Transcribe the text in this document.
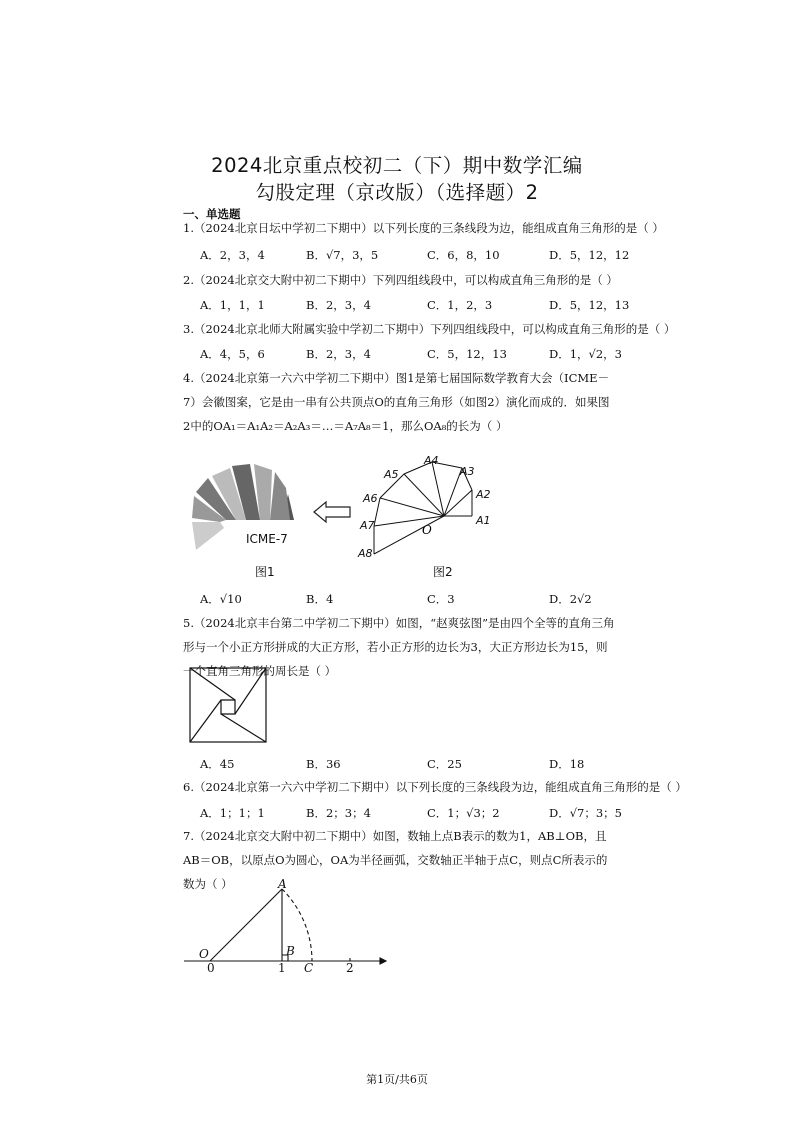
2024北京重点校初二（下）期中数学汇编
勾股定理（京改版）（选择题）2
一、单选题
1.（2024北京日坛中学初二下期中）以下列长度的三条线段为边，能组成直角三角形的是（ ）
A．2，3，4	B．√7，3，5	C．6，8，10	D．5，12，12
2.（2024北京交大附中初二下期中）下列四组线段中，可以构成直角三角形的是（ ）
A．1，1，1	B．2，3，4	C．1，2，3	D．5，12，13
3.（2024北京北师大附属实验中学初二下期中）下列四组线段中，可以构成直角三角形的是（ ）
A．4，5，6	B．2，3，4	C．5，12，13	D．1，√2，3
4.（2024北京第一六六中学初二下期中）图1是第七届国际数学教育大会（ICME－7）会徽图案，它是由一串有公共顶点O的直角三角形（如图2）演化而成的．如果图2中的OA₁＝A₁A₂＝A₂A₃＝…＝A₇A₈＝1，那么OA₈的长为（ ）
ICME-7
图1
O
A1
A2
A3
A4
A5
A6
A7
A8
图2
A．√10	B．4	C．3	D．2√2
5.（2024北京丰台第二中学初二下期中）如图，“赵爽弦图”是由四个全等的直角三角形与一个小正方形拼成的大正方形，若小正方形的边长为3，大正方形边长为15，则一个直角三角形的周长是（ ）
A．45	B．36	C．25	D．18
6.（2024北京第一六六中学初二下期中）以下列长度的三条线段为边，能组成直角三角形的是（ ）
A．1；1；1	B．2；3；4	C．1；√3；2	D．√7；3；5
7.（2024北京交大附中初二下期中）如图，数轴上点B表示的数为1，AB⊥OB，且AB＝OB，以原点O为圆心，OA为半径画弧，交数轴正半轴于点C，则点C所表示的数为（ ）	A
O
0	1
B
C	2
第1页/共6页
